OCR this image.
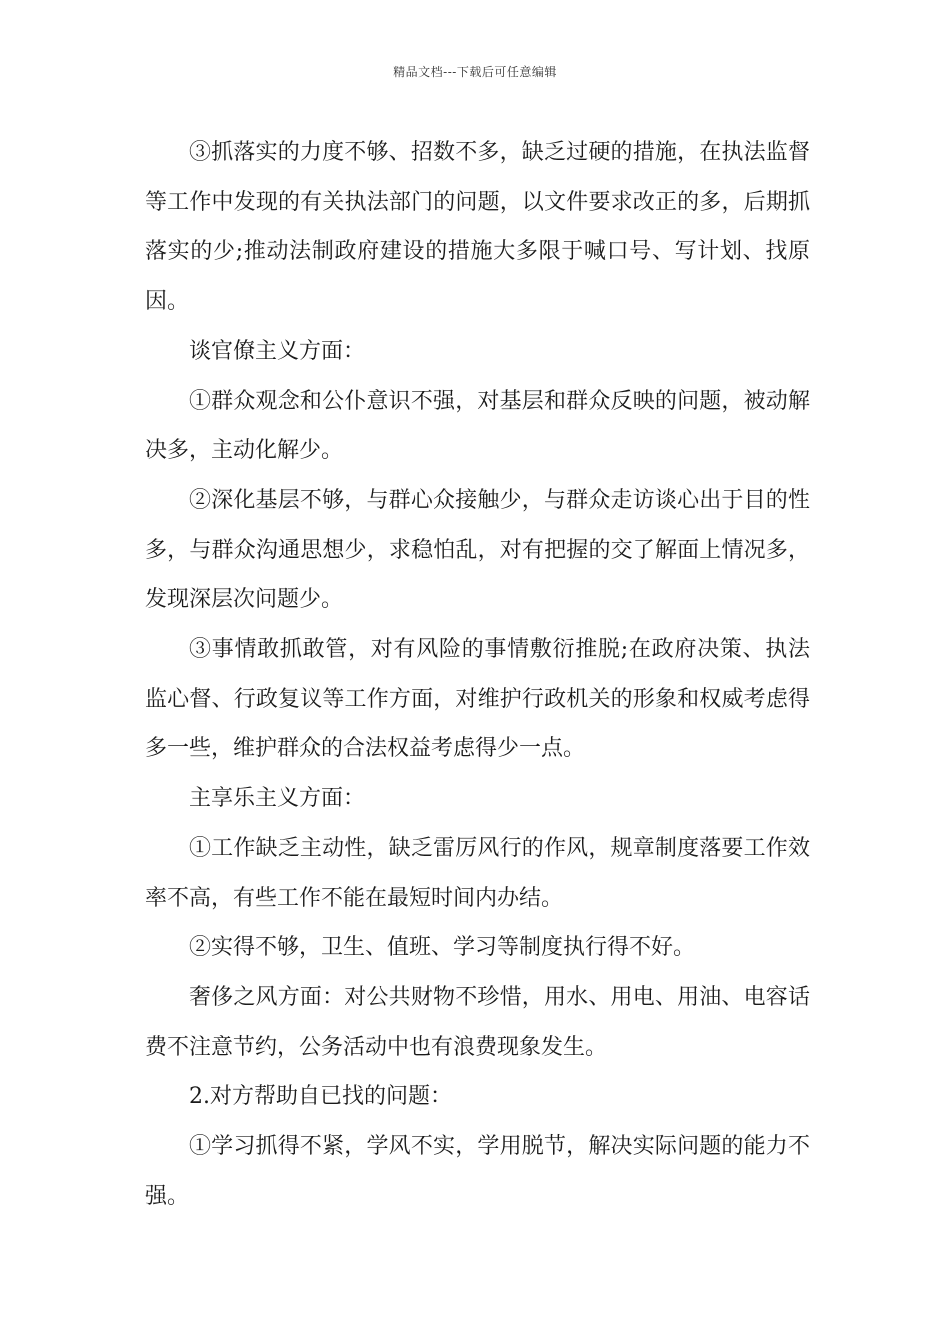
精品文档---下载后可任意编辑

③抓落实的力度不够、招数不多，缺乏过硬的措施，在执法监督等工作中发现的有关执法部门的问题，以文件要求改正的多，后期抓落实的少;推动法制政府建设的措施大多限于喊口号、写计划、找原因。

谈官僚主义方面：

①群众观念和公仆意识不强，对基层和群众反映的问题，被动解决多，主动化解少。

②深化基层不够，与群心众接触少，与群众走访谈心出于目的性多，与群众沟通思想少，求稳怕乱，对有把握的交了解面上情况多，发现深层次问题少。

③事情敢抓敢管，对有风险的事情敷衍推脱;在政府决策、执法监心督、行政复议等工作方面，对维护行政机关的形象和权威考虑得多一些，维护群众的合法权益考虑得少一点。

主享乐主义方面：

①工作缺乏主动性，缺乏雷厉风行的作风，规章制度落要工作效率不高，有些工作不能在最短时间内办结。

②实得不够，卫生、值班、学习等制度执行得不好。

奢侈之风方面：对公共财物不珍惜，用水、用电、用油、电容话费不注意节约，公务活动中也有浪费现象发生。

2.对方帮助自已找的问题：

①学习抓得不紧，学风不实，学用脱节，解决实际问题的能力不强。
